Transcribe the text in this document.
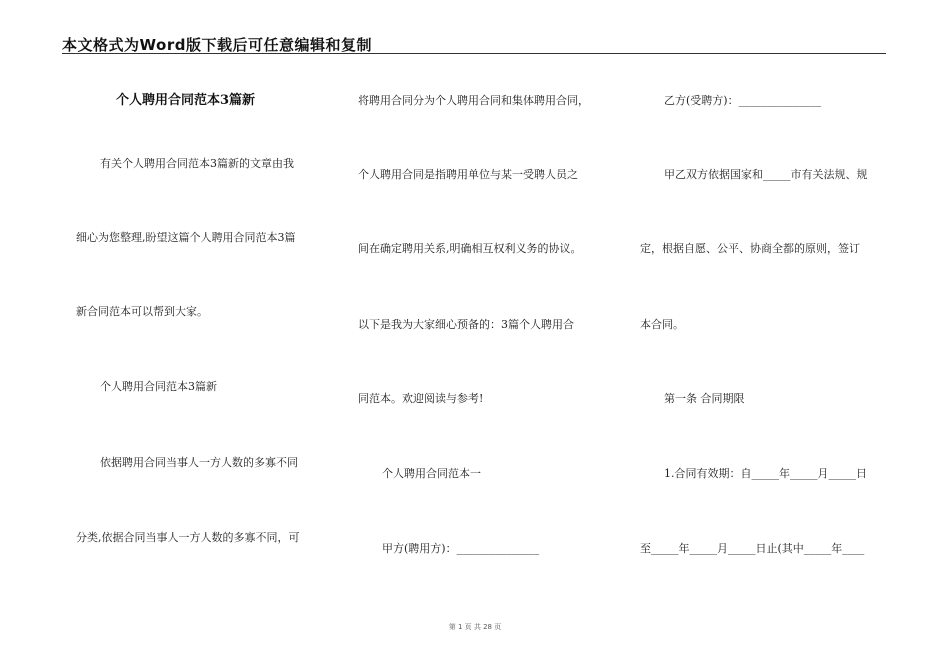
本文格式为Word版下载后可任意编辑和复制
个人聘用合同范本3篇新
有关个人聘用合同范本3篇新的文章由我
细心为您整理,盼望这篇个人聘用合同范本3篇
新合同范本可以帮到大家。
个人聘用合同范本3篇新
依据聘用合同当事人一方人数的多寡不同
分类,依据合同当事人一方人数的多寡不同，可
将聘用合同分为个人聘用合同和集体聘用合同，
个人聘用合同是指聘用单位与某一受聘人员之
间在确定聘用关系,明确相互权利义务的协议。
以下是我为大家细心预备的：3篇个人聘用合
同范本。欢迎阅读与参考!
个人聘用合同范本一
甲方(聘用方)：_______________
乙方(受聘方)：_______________
甲乙双方依据国家和_____市有关法规、规
定，根据自愿、公平、协商全都的原则，签订
本合同。
第一条 合同期限
1.合同有效期：自_____年_____月_____日
至_____年_____月_____日止(其中_____年____
第 1 页 共 28 页
